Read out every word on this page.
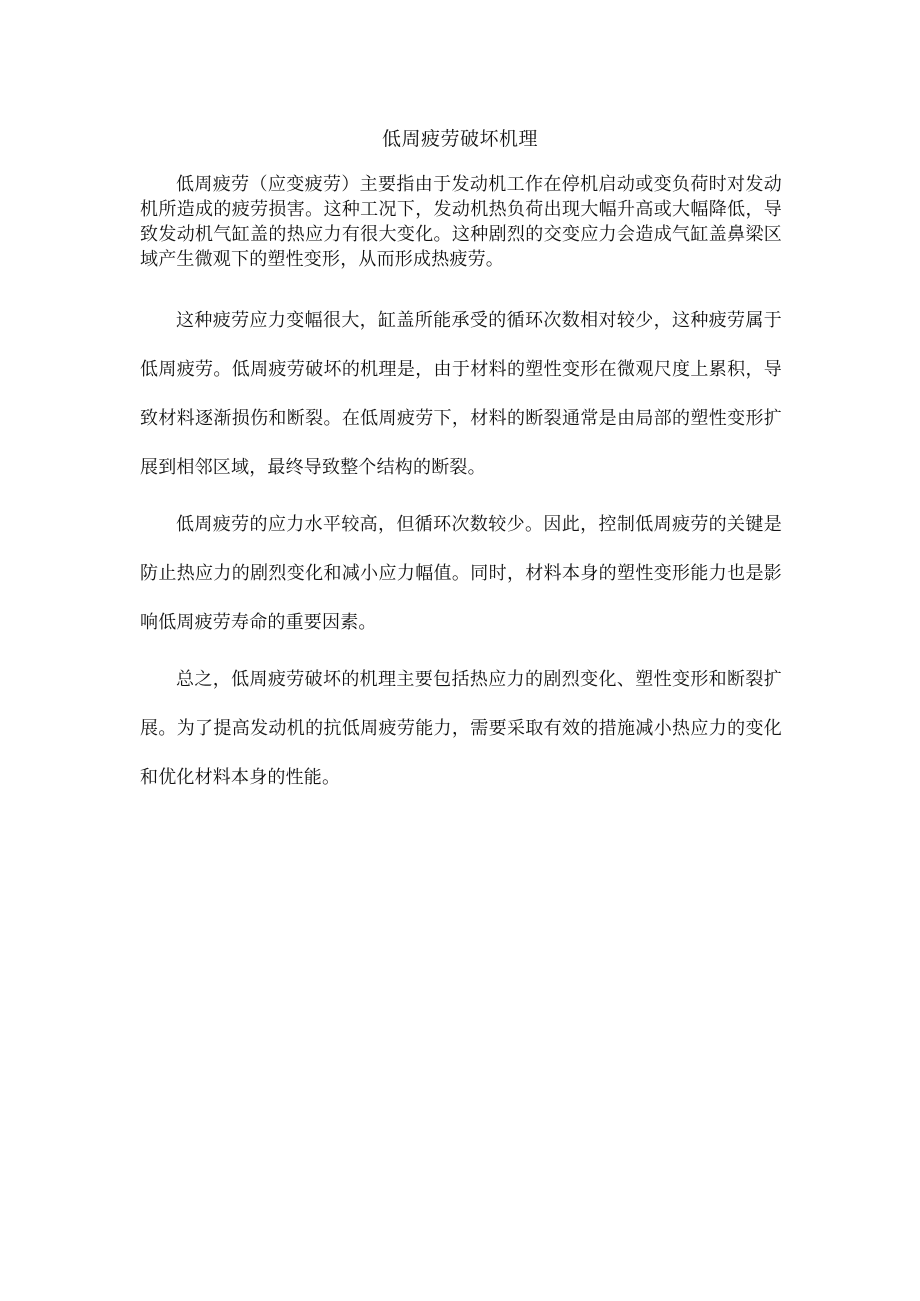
低周疲劳破坏机理

低周疲劳（应变疲劳）主要指由于发动机工作在停机启动或变负荷时对发动机所造成的疲劳损害。这种工况下，发动机热负荷出现大幅升高或大幅降低，导致发动机气缸盖的热应力有很大变化。这种剧烈的交变应力会造成气缸盖鼻梁区域产生微观下的塑性变形，从而形成热疲劳。

这种疲劳应力变幅很大，缸盖所能承受的循环次数相对较少，这种疲劳属于低周疲劳。低周疲劳破坏的机理是，由于材料的塑性变形在微观尺度上累积，导致材料逐渐损伤和断裂。在低周疲劳下，材料的断裂通常是由局部的塑性变形扩展到相邻区域，最终导致整个结构的断裂。

低周疲劳的应力水平较高，但循环次数较少。因此，控制低周疲劳的关键是防止热应力的剧烈变化和减小应力幅值。同时，材料本身的塑性变形能力也是影响低周疲劳寿命的重要因素。

总之，低周疲劳破坏的机理主要包括热应力的剧烈变化、塑性变形和断裂扩展。为了提高发动机的抗低周疲劳能力，需要采取有效的措施减小热应力的变化和优化材料本身的性能。
